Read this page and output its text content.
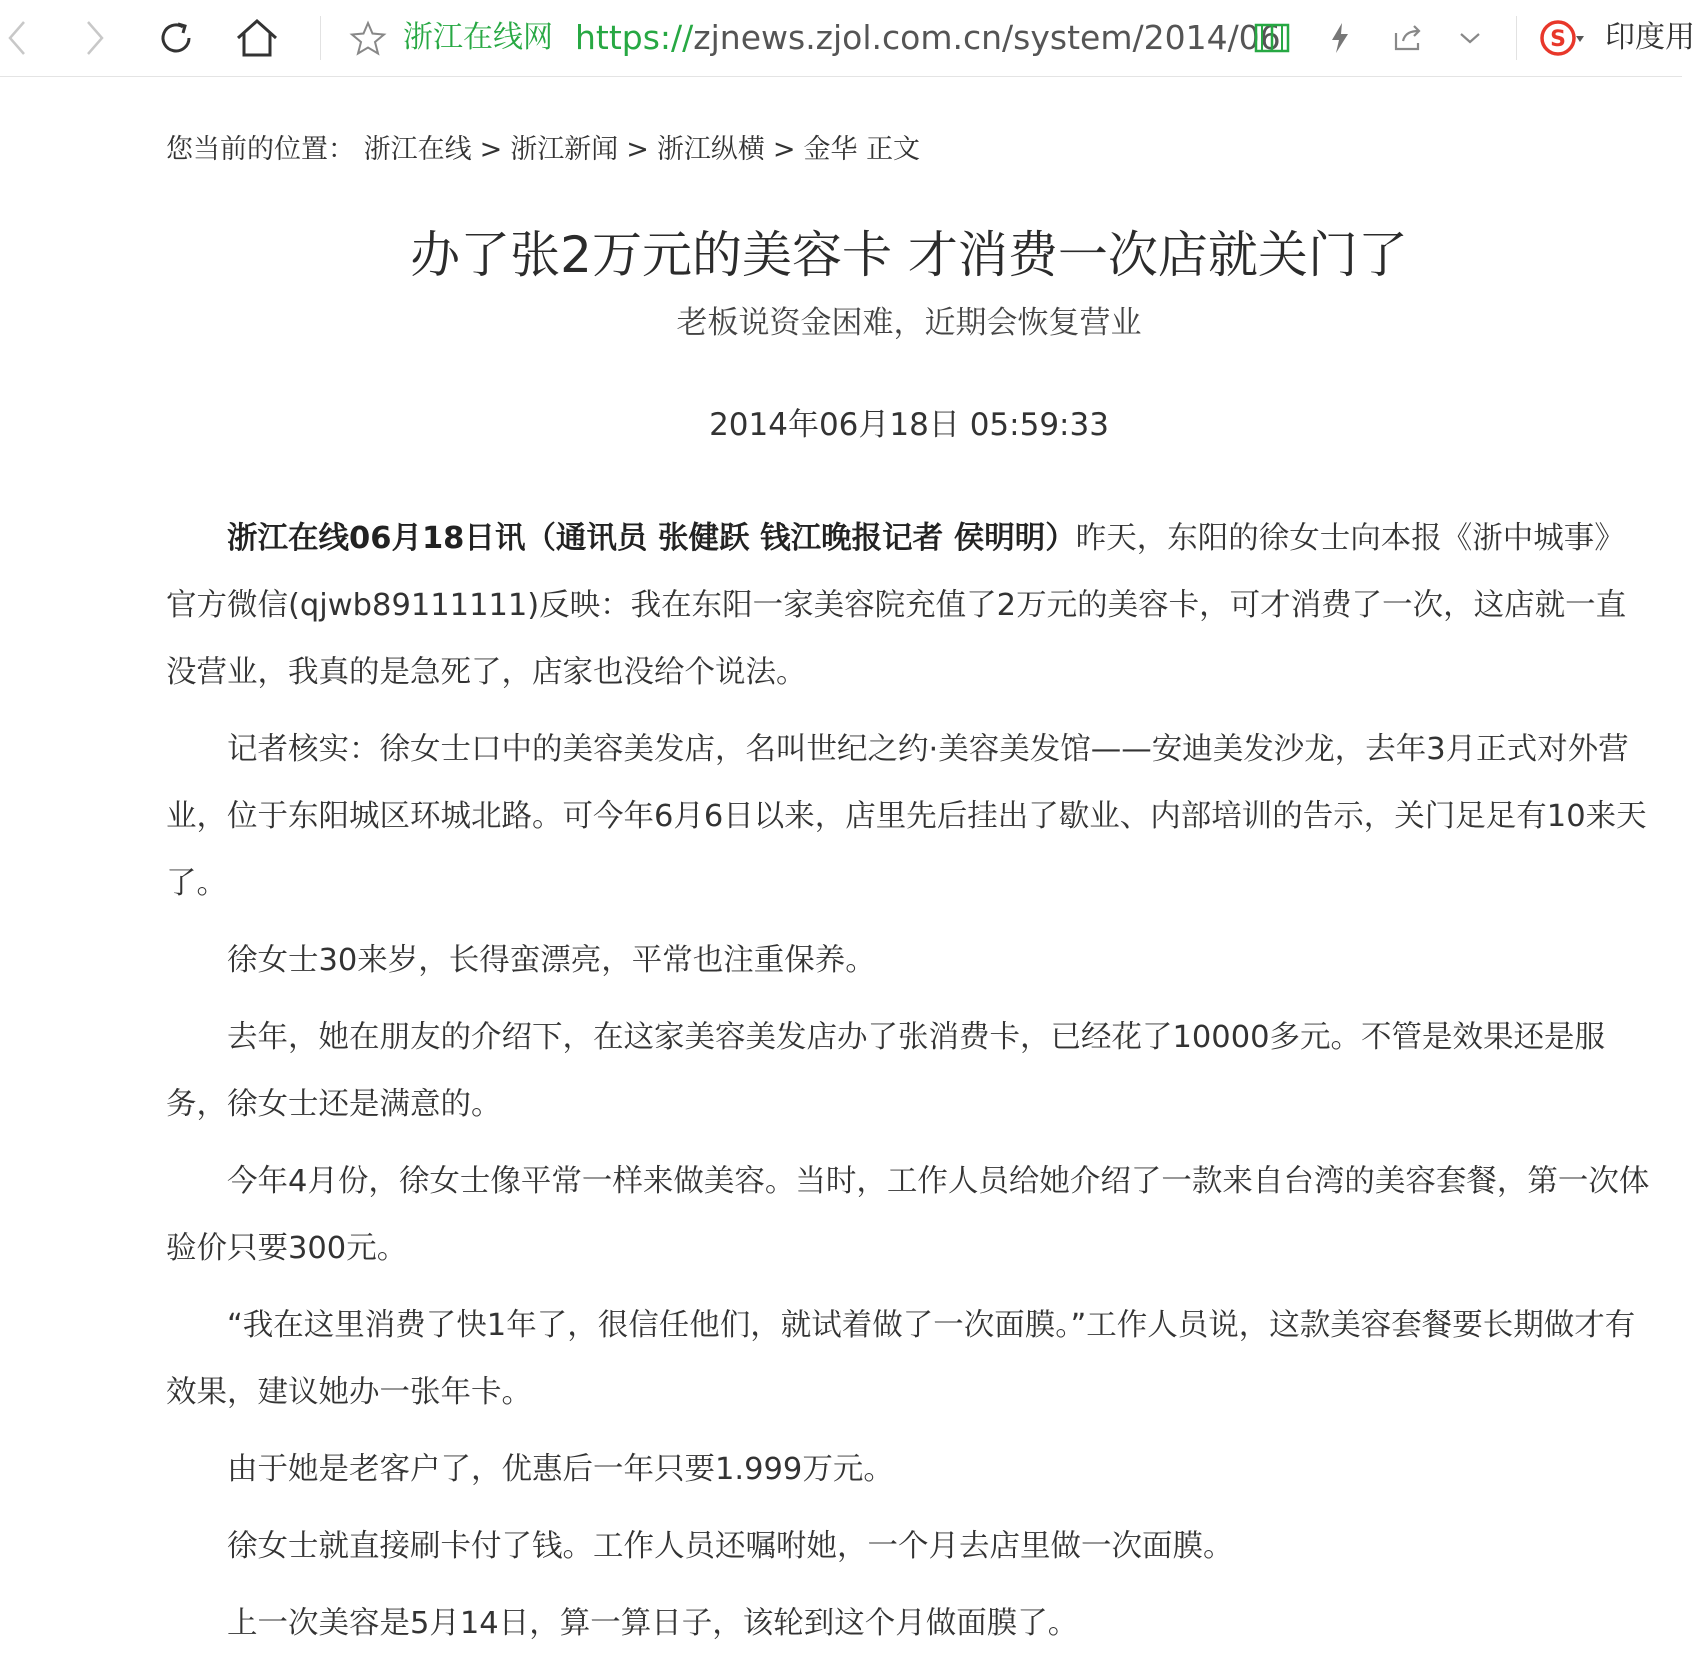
浙江在线网 https://zjnews.zjol.com.cn/system/2014/06	S 印度用
您当前的位置： 浙江在线 > 浙江新闻 > 浙江纵横 > 金华 正文
办了张2万元的美容卡 才消费一次店就关门了
老板说资金困难，近期会恢复营业
2014年06月18日 05:59:33

浙江在线06月18日讯（通讯员 张健跃 钱江晚报记者 侯明明）昨天，东阳的徐女士向本报《浙中城事》官方微信(qjwb89111111)反映：我在东阳一家美容院充值了2万元的美容卡，可才消费了一次，这店就一直没营业，我真的是急死了，店家也没给个说法。

记者核实：徐女士口中的美容美发店，名叫世纪之约·美容美发馆——安迪美发沙龙，去年3月正式对外营业，位于东阳城区环城北路。可今年6月6日以来，店里先后挂出了歇业、内部培训的告示，关门足足有10来天了。

徐女士30来岁，长得蛮漂亮，平常也注重保养。

去年，她在朋友的介绍下，在这家美容美发店办了张消费卡，已经花了10000多元。不管是效果还是服务，徐女士还是满意的。

今年4月份，徐女士像平常一样来做美容。当时，工作人员给她介绍了一款来自台湾的美容套餐，第一次体验价只要300元。

“我在这里消费了快1年了，很信任他们，就试着做了一次面膜。”工作人员说，这款美容套餐要长期做才有效果，建议她办一张年卡。

由于她是老客户了，优惠后一年只要1.999万元。

徐女士就直接刷卡付了钱。工作人员还嘱咐她，一个月去店里做一次面膜。

上一次美容是5月14日，算一算日子，该轮到这个月做面膜了。
